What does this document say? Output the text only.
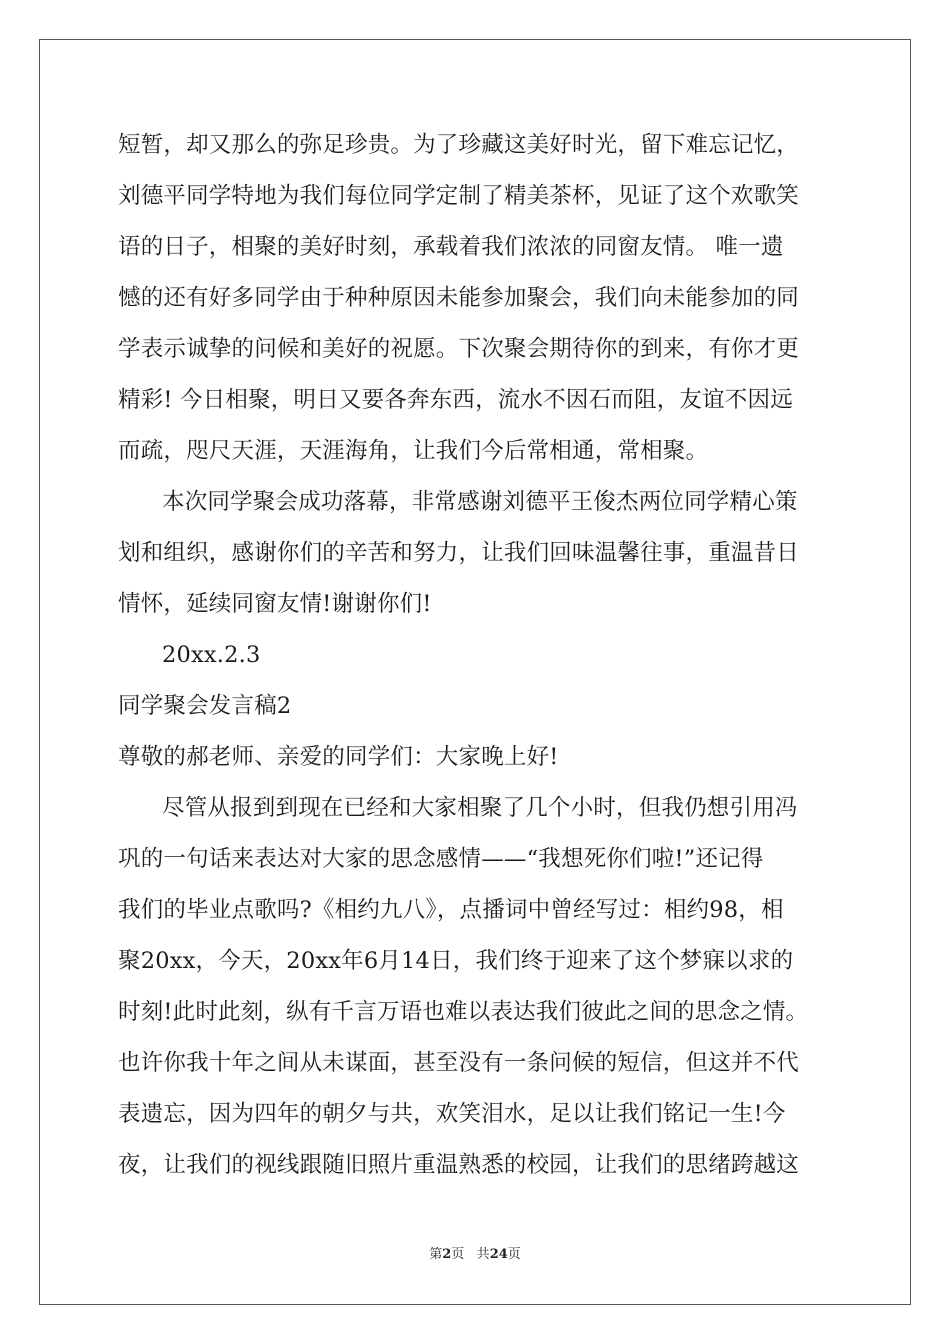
短暂，却又那么的弥足珍贵。为了珍藏这美好时光，留下难忘记忆，
刘德平同学特地为我们每位同学定制了精美茶杯，见证了这个欢歌笑
语的日子，相聚的美好时刻，承载着我们浓浓的同窗友情。 唯一遗
憾的还有好多同学由于种种原因未能参加聚会，我们向未能参加的同
学表示诚挚的问候和美好的祝愿。下次聚会期待你的到来，有你才更
精彩! 今日相聚，明日又要各奔东西，流水不因石而阻，友谊不因远
而疏，咫尺天涯，天涯海角，让我们今后常相通，常相聚。
本次同学聚会成功落幕，非常感谢刘德平王俊杰两位同学精心策
划和组织，感谢你们的辛苦和努力，让我们回味温馨往事，重温昔日
情怀，延续同窗友情!谢谢你们!
20xx.2.3
同学聚会发言稿2
尊敬的郝老师、亲爱的同学们：大家晚上好!
尽管从报到到现在已经和大家相聚了几个小时，但我仍想引用冯
巩的一句话来表达对大家的思念感情——“我想死你们啦!”还记得
我们的毕业点歌吗?《相约九八》，点播词中曾经写过：相约98，相
聚20xx，今天，20xx年6月14日，我们终于迎来了这个梦寐以求的
时刻!此时此刻，纵有千言万语也难以表达我们彼此之间的思念之情。
也许你我十年之间从未谋面，甚至没有一条问候的短信，但这并不代
表遗忘，因为四年的朝夕与共，欢笑泪水，足以让我们铭记一生!今
夜，让我们的视线跟随旧照片重温熟悉的校园，让我们的思绪跨越这
第2页 共24页
